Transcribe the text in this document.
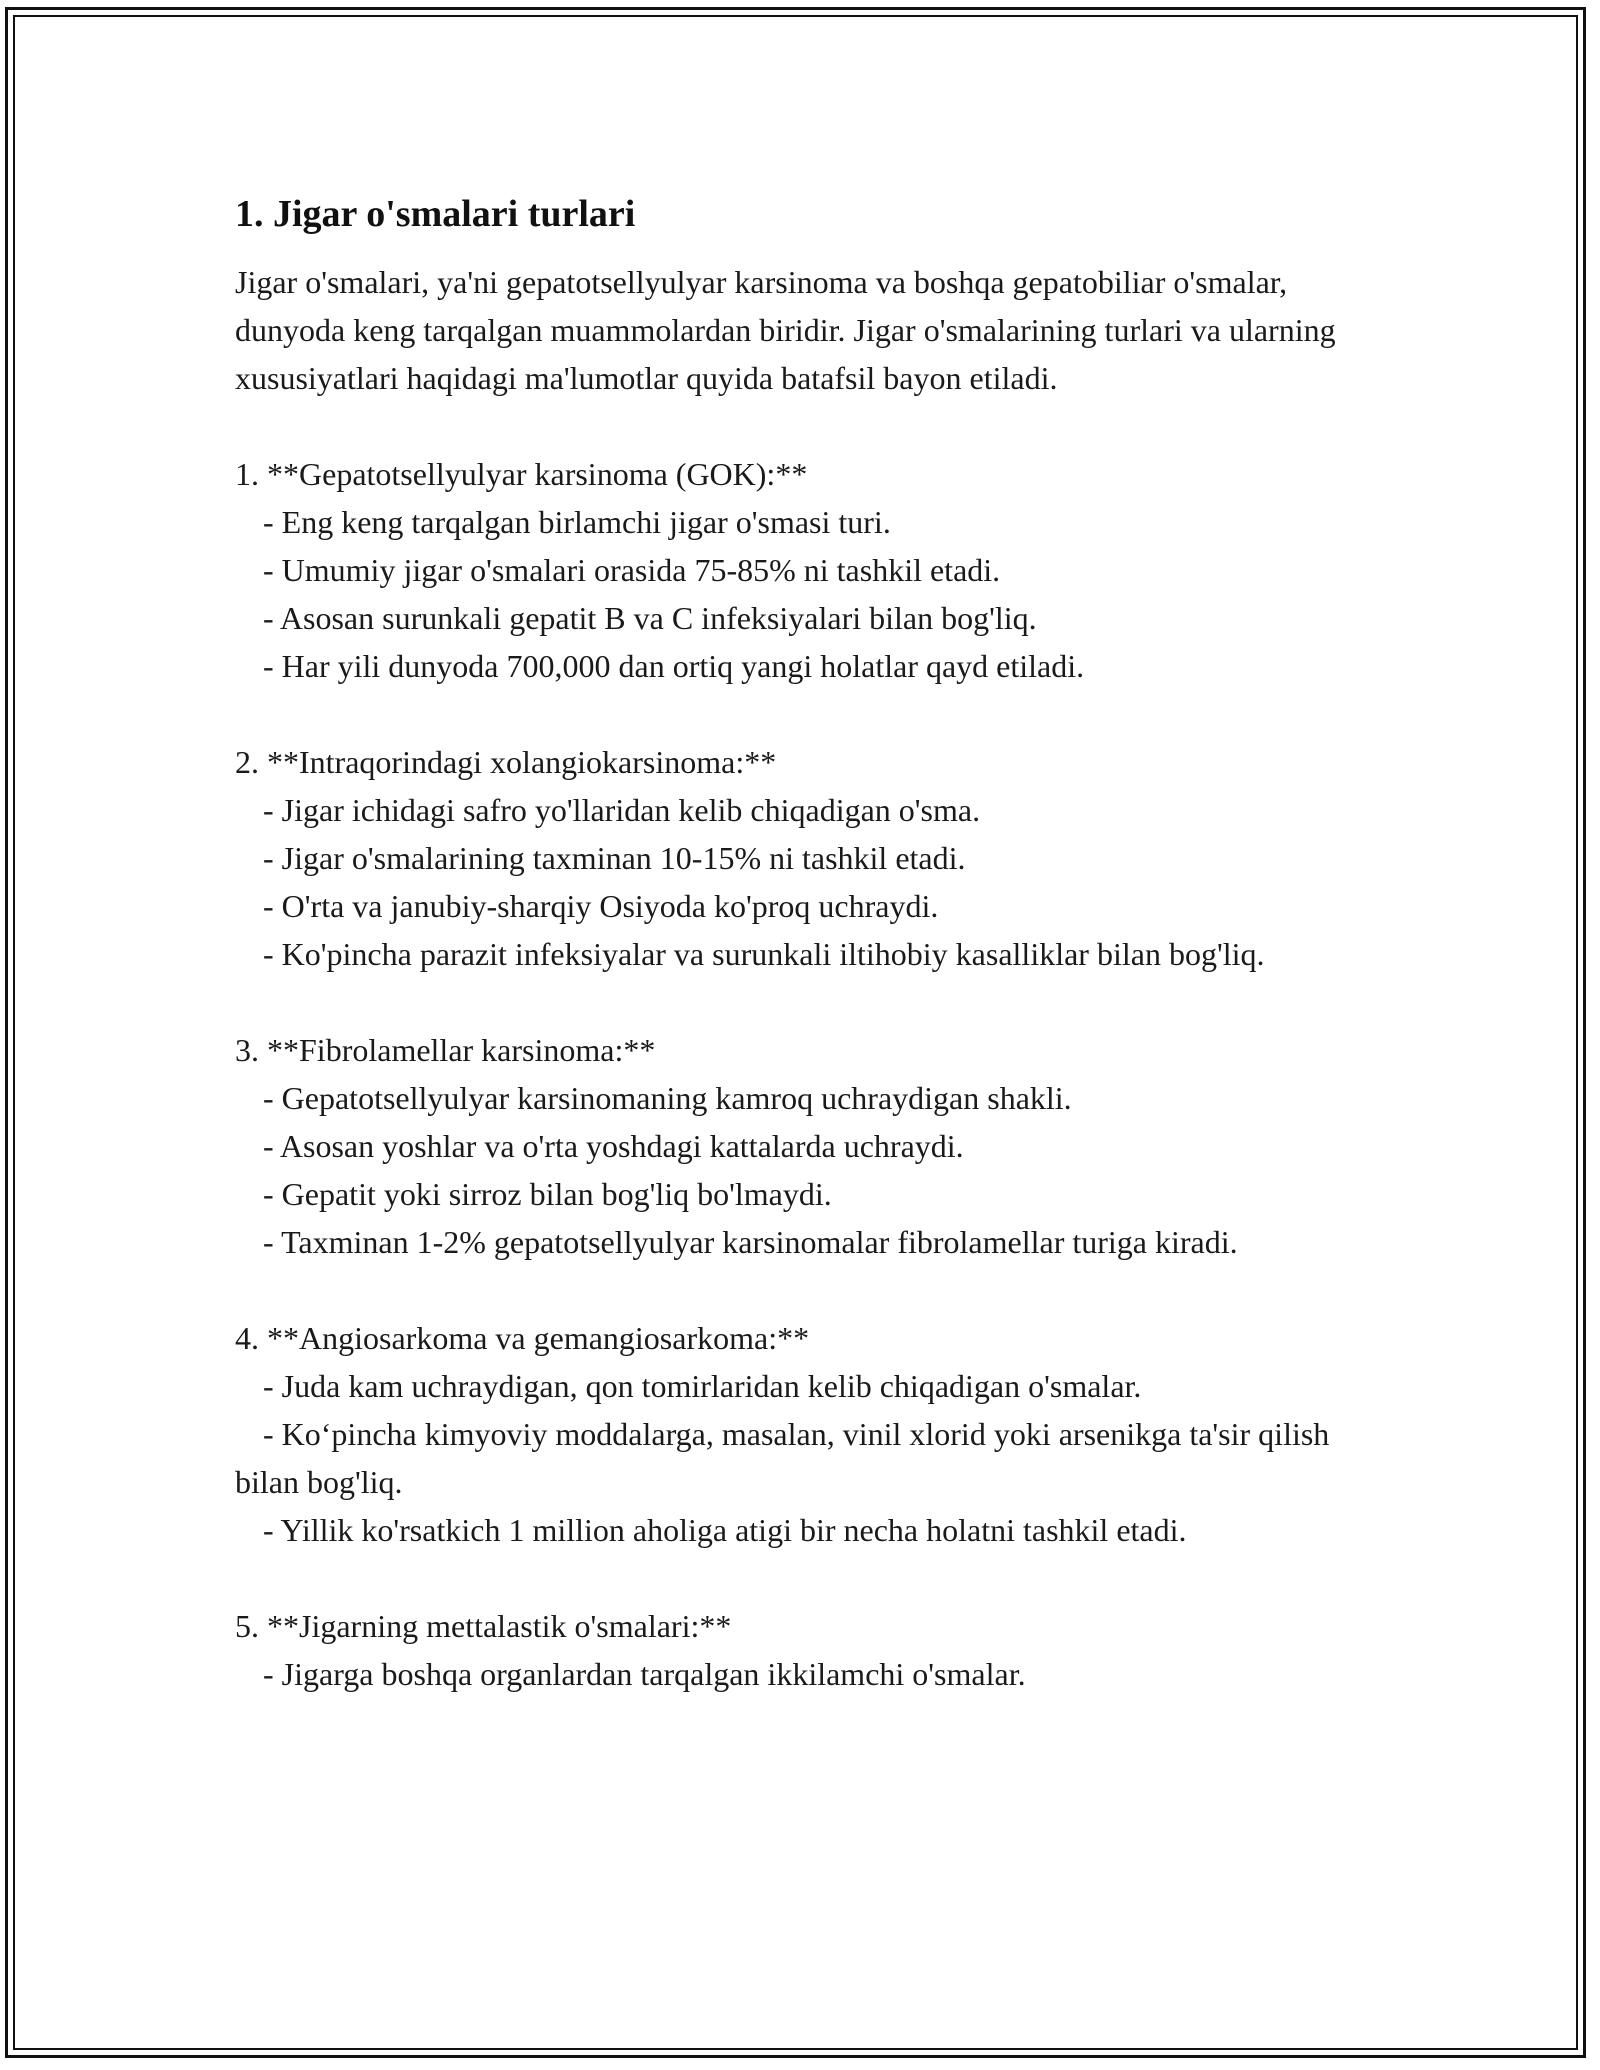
1. Jigar o'smalari turlari

Jigar o'smalari, ya'ni gepatotsellyulyar karsinoma va boshqa gepatobiliar o'smalar, dunyoda keng tarqalgan muammolardan biridir. Jigar o'smalarining turlari va ularning xususiyatlari haqidagi ma'lumotlar quyida batafsil bayon etiladi.

1. **Gepatotsellyulyar karsinoma (GOK):**

- Eng keng tarqalgan birlamchi jigar o'smasi turi.

- Umumiy jigar o'smalari orasida 75-85% ni tashkil etadi.

- Asosan surunkali gepatit B va C infeksiyalari bilan bog'liq.

- Har yili dunyoda 700,000 dan ortiq yangi holatlar qayd etiladi.

2. **Intraqorindagi xolangiokarsinoma:**

- Jigar ichidagi safro yo'llaridan kelib chiqadigan o'sma.

- Jigar o'smalarining taxminan 10-15% ni tashkil etadi.

- O'rta va janubiy-sharqiy Osiyoda ko'proq uchraydi.

- Ko'pincha parazit infeksiyalar va surunkali iltihobiy kasalliklar bilan bog'liq.

3. **Fibrolamellar karsinoma:**

- Gepatotsellyulyar karsinomaning kamroq uchraydigan shakli.

- Asosan yoshlar va o'rta yoshdagi kattalarda uchraydi.

- Gepatit yoki sirroz bilan bog'liq bo'lmaydi.

- Taxminan 1-2% gepatotsellyulyar karsinomalar fibrolamellar turiga kiradi.

4. **Angiosarkoma va gemangiosarkoma:**

- Juda kam uchraydigan, qon tomirlaridan kelib chiqadigan o'smalar.

- Ko‘pincha kimyoviy moddalarga, masalan, vinil xlorid yoki arsenikga ta'sir qilish bilan bog'liq.

- Yillik ko'rsatkich 1 million aholiga atigi bir necha holatni tashkil etadi.

5. **Jigarning mettalastik o'smalari:**

- Jigarga boshqa organlardan tarqalgan ikkilamchi o'smalar.
